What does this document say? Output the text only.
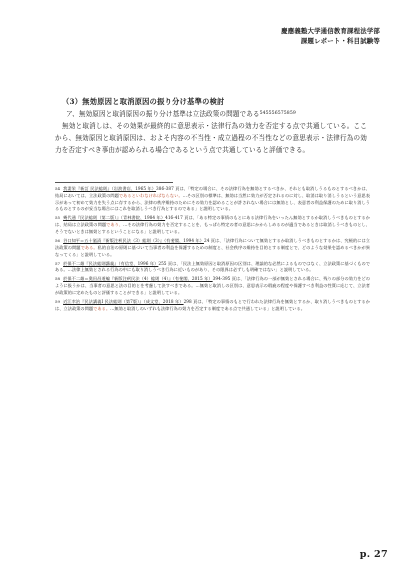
慶應義塾大学通信教育課程法学部
課題レポート・科目試験等
（3）無効原因と取消原因の振り分け基準の検討
ア、無効原因と取消原因の振り分け基準は立法政策の問題である$^{545556575859}$

無効と取消しは、その効果が最終的に意思表示・法律行為の効力を否定する点で共通している。ここから、無効原因と取消原因は、およそ内容の不当性・成立過程の不当性などの意思表示・法律行為の効力を否定すべき事由が認められる場合であるという点で共通していると評価できる。

54 我妻栄『新訂 民法総則』（岩波書店、1965 年）386-387 頁は、「特定の場合に、その法律行為を無効とするべきか、それとも取消しうるものとするべきかは、結局においては、立法政策の問題であるといわなければならない。…その区別の標準は、無効は当然に効力が否定されるのに対し、取消は取り消しうるという意思表示があって初めて効力を失う点に存するから、法律の秩序維持のためにその効力を認めることが許されない場合には無効とし、表意者の利益保護のために取り消しうるものとするのが妥当な場合にはこれを取消しうべき行為とするのである」と説明している。
55 幾代通『民法総則（第二版）』（青林書院、1984 年）416-417 頁は、「ある特定の事情のもとにある法律行為をいったん無効とするか取消しうべきものとするかは、結局は立法政策の問題であり、…その法律行為の効力を否定することを、もっぱら特定の者の意思にかからしめるのが適当であるときは取消しうべきものとし、そうでないときは無効とするということになる」と説明している。
56 谷口知平＝五十嵐清『新版注釈民法（3）総則（3）』（有斐閣、1994 年）24 頁は、「法律行為について無効とするか取消しうべきものとするかは、究極的には立法政策の問題である。私的自治の原則に基づいて当事者の利益を保護するための制度と、社会秩序の維持を目的とする制度とで、どのような効果を認めるべきかが異なってくる」と説明している。
57 於保不二雄『民法総則講義』（有信堂、1996 年）255 頁は、「民法上無効原因と取消原因の区別は、理論的な必然によるものではなく、立法政策に基づくものである。…法律上無効とされる行為の中にも取り消しうべき行為に近いものがあり、その限界は必ずしも明確ではない」と説明している。
58 於保不二雄＝奥田昌道編『新版注釈民法（4）総則（4）』（有斐閣、2015 年）394-395 頁は、「法律行為の一部が無効とされる場合に、残りの部分の効力をどのように扱うかは、当事者の意思と法の目的とを考慮して決すべきである。…無効と取消しの区別は、意思表示の瑕疵の程度や保護すべき利益の性質に応じて、立法者が政策的に定めたものと評価することができる」と説明している。
59 近江幸治『民法講義Ⅰ 民法総則（第7版）』（成文堂、2018 年）298 頁は、「特定の事情のもとで行われた法律行為を無効とするか、取り消しうべきものとするかは、立法政策の問題である。…無効と取消しのいずれも法律行為の効力を否定する制度である点で共通している」と説明している。
p. 27
